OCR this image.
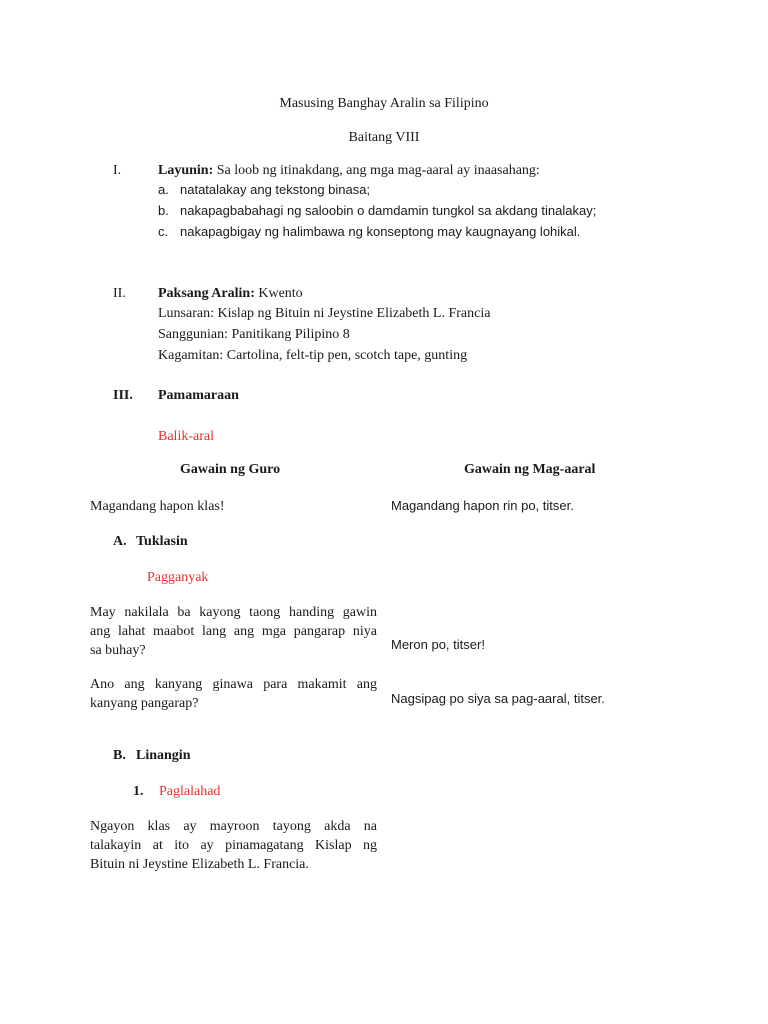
Masusing Banghay Aralin sa Filipino
Baitang VIII
I.	Layunin: Sa loob ng itinakdang, ang mga mag-aaral ay inaasahang:
a. natatalakay ang tekstong binasa;
b. nakapagbabahagi ng saloobin o damdamin tungkol sa akdang tinalakay;
c. nakapagbigay ng halimbawa ng konseptong may kaugnayang lohikal.
II. Paksang Aralin: Kwento
Lunsaran: Kislap ng Bituin ni Jeystine Elizabeth L. Francia
Sanggunian: Panitikang Pilipino 8
Kagamitan: Cartolina, felt-tip pen, scotch tape, gunting
III. Pamamaraan
Balik-aral
Gawain ng Guro	Gawain ng Mag-aaral
Magandang hapon klas!	Magandang hapon rin po, titser.
A. Tuklasin
Pagganyak
May nakilala ba kayong taong handing gawin
ang lahat maabot lang ang mga pangarap niya
sa buhay?	Meron po, titser!
Ano ang kanyang ginawa para makamit ang
kanyang pangarap?	Nagsipag po siya sa pag-aaral, titser.
B. Linangin
1. Paglalahad
Ngayon klas ay mayroon tayong akda na
talakayin at ito ay pinamagatang Kislap ng
Bituin ni Jeystine Elizabeth L. Francia.
